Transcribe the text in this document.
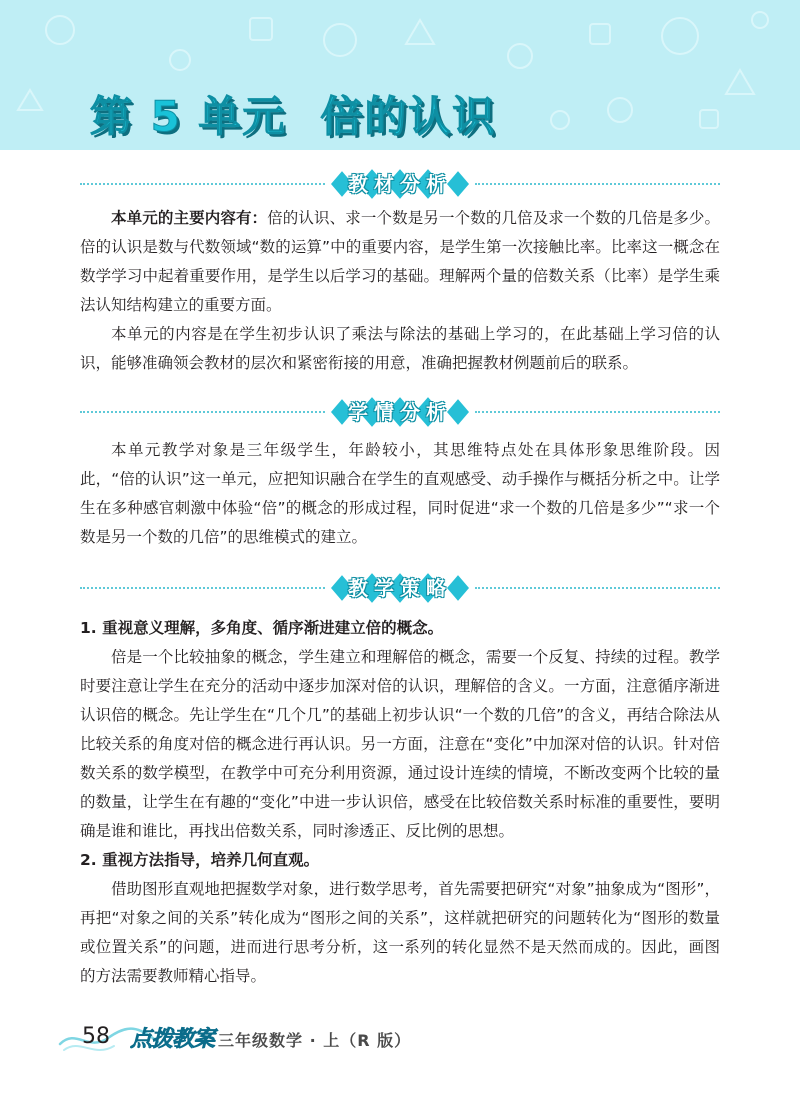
第 5 单元 倍的认识
教材分析

本单元的主要内容有：倍的认识、求一个数是另一个数的几倍及求一个数的几倍是多少。倍的认识是数与代数领域“数的运算”中的重要内容，是学生第一次接触比率。比率这一概念在数学学习中起着重要作用，是学生以后学习的基础。理解两个量的倍数关系（比率）是学生乘法认知结构建立的重要方面。

本单元的内容是在学生初步认识了乘法与除法的基础上学习的，在此基础上学习倍的认识，能够准确领会教材的层次和紧密衔接的用意，准确把握教材例题前后的联系。

学情分析

本单元教学对象是三年级学生，年龄较小，其思维特点处在具体形象思维阶段。因此，“倍的认识”这一单元，应把知识融合在学生的直观感受、动手操作与概括分析之中。让学生在多种感官刺激中体验“倍”的概念的形成过程，同时促进“求一个数的几倍是多少”“求一个数是另一个数的几倍”的思维模式的建立。

教学策略

1. 重视意义理解，多角度、循序渐进建立倍的概念。

倍是一个比较抽象的概念，学生建立和理解倍的概念，需要一个反复、持续的过程。教学时要注意让学生在充分的活动中逐步加深对倍的认识，理解倍的含义。一方面，注意循序渐进认识倍的概念。先让学生在“几个几”的基础上初步认识“一个数的几倍”的含义，再结合除法从比较关系的角度对倍的概念进行再认识。另一方面，注意在“变化”中加深对倍的认识。针对倍数关系的数学模型，在教学中可充分利用资源，通过设计连续的情境，不断改变两个比较的量的数量，让学生在有趣的“变化”中进一步认识倍，感受在比较倍数关系时标准的重要性，要明确是谁和谁比，再找出倍数关系，同时渗透正、反比例的思想。

2. 重视方法指导，培养几何直观。

借助图形直观地把握数学对象，进行数学思考，首先需要把研究“对象”抽象成为“图形”，再把“对象之间的关系”转化成为“图形之间的关系”，这样就把研究的问题转化为“图形的数量或位置关系”的问题，进而进行思考分析，这一系列的转化显然不是天然而成的。因此，画图的方法需要教师精心指导。

58 点拨教案 三年级数学 · 上（R 版）
